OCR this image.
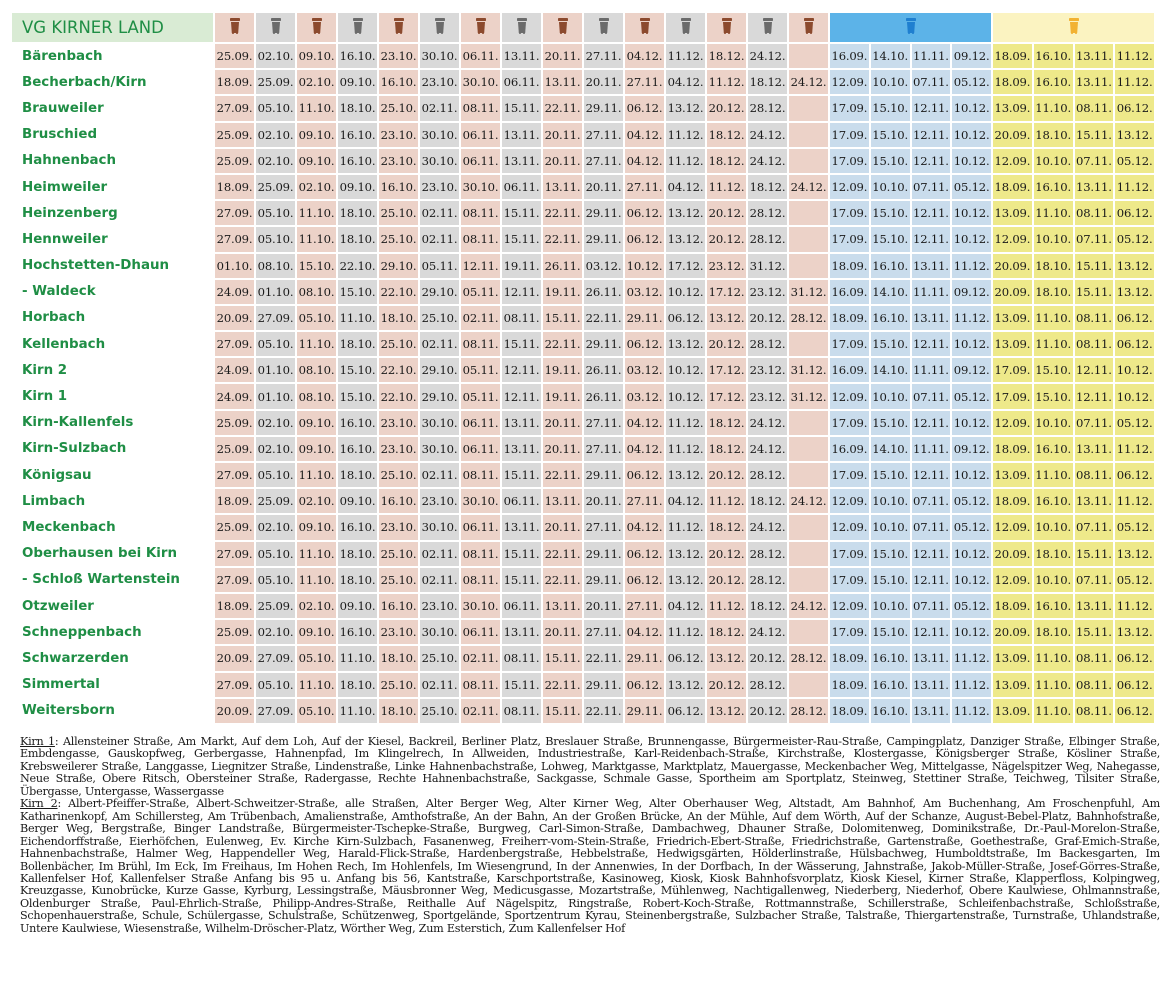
VG KIRNER LAND																	
Bärenbach	25.09.	02.10.	09.10.	16.10.	23.10.	30.10.	06.11.	13.11.	20.11.	27.11.	04.12.	11.12.	18.12.	24.12.		16.09.	14.10.	11.11.	09.12.	18.09.	16.10.	13.11.	11.12.
Becherbach/Kirn	18.09.	25.09.	02.10.	09.10.	16.10.	23.10.	30.10.	06.11.	13.11.	20.11.	27.11.	04.12.	11.12.	18.12.	24.12.	12.09.	10.10.	07.11.	05.12.	18.09.	16.10.	13.11.	11.12.
Brauweiler	27.09.	05.10.	11.10.	18.10.	25.10.	02.11.	08.11.	15.11.	22.11.	29.11.	06.12.	13.12.	20.12.	28.12.		17.09.	15.10.	12.11.	10.12.	13.09.	11.10.	08.11.	06.12.
Bruschied	25.09.	02.10.	09.10.	16.10.	23.10.	30.10.	06.11.	13.11.	20.11.	27.11.	04.12.	11.12.	18.12.	24.12.		17.09.	15.10.	12.11.	10.12.	20.09.	18.10.	15.11.	13.12.
Hahnenbach	25.09.	02.10.	09.10.	16.10.	23.10.	30.10.	06.11.	13.11.	20.11.	27.11.	04.12.	11.12.	18.12.	24.12.		17.09.	15.10.	12.11.	10.12.	12.09.	10.10.	07.11.	05.12.
Heimweiler	18.09.	25.09.	02.10.	09.10.	16.10.	23.10.	30.10.	06.11.	13.11.	20.11.	27.11.	04.12.	11.12.	18.12.	24.12.	12.09.	10.10.	07.11.	05.12.	18.09.	16.10.	13.11.	11.12.
Heinzenberg	27.09.	05.10.	11.10.	18.10.	25.10.	02.11.	08.11.	15.11.	22.11.	29.11.	06.12.	13.12.	20.12.	28.12.		17.09.	15.10.	12.11.	10.12.	13.09.	11.10.	08.11.	06.12.
Hennweiler	27.09.	05.10.	11.10.	18.10.	25.10.	02.11.	08.11.	15.11.	22.11.	29.11.	06.12.	13.12.	20.12.	28.12.		17.09.	15.10.	12.11.	10.12.	12.09.	10.10.	07.11.	05.12.
Hochstetten-Dhaun	01.10.	08.10.	15.10.	22.10.	29.10.	05.11.	12.11.	19.11.	26.11.	03.12.	10.12.	17.12.	23.12.	31.12.		18.09.	16.10.	13.11.	11.12.	20.09.	18.10.	15.11.	13.12.
- Waldeck	24.09.	01.10.	08.10.	15.10.	22.10.	29.10.	05.11.	12.11.	19.11.	26.11.	03.12.	10.12.	17.12.	23.12.	31.12.	16.09.	14.10.	11.11.	09.12.	20.09.	18.10.	15.11.	13.12.
Horbach	20.09.	27.09.	05.10.	11.10.	18.10.	25.10.	02.11.	08.11.	15.11.	22.11.	29.11.	06.12.	13.12.	20.12.	28.12.	18.09.	16.10.	13.11.	11.12.	13.09.	11.10.	08.11.	06.12.
Kellenbach	27.09.	05.10.	11.10.	18.10.	25.10.	02.11.	08.11.	15.11.	22.11.	29.11.	06.12.	13.12.	20.12.	28.12.		17.09.	15.10.	12.11.	10.12.	13.09.	11.10.	08.11.	06.12.
Kirn 2	24.09.	01.10.	08.10.	15.10.	22.10.	29.10.	05.11.	12.11.	19.11.	26.11.	03.12.	10.12.	17.12.	23.12.	31.12.	16.09.	14.10.	11.11.	09.12.	17.09.	15.10.	12.11.	10.12.
Kirn 1	24.09.	01.10.	08.10.	15.10.	22.10.	29.10.	05.11.	12.11.	19.11.	26.11.	03.12.	10.12.	17.12.	23.12.	31.12.	12.09.	10.10.	07.11.	05.12.	17.09.	15.10.	12.11.	10.12.
Kirn-Kallenfels	25.09.	02.10.	09.10.	16.10.	23.10.	30.10.	06.11.	13.11.	20.11.	27.11.	04.12.	11.12.	18.12.	24.12.		17.09.	15.10.	12.11.	10.12.	12.09.	10.10.	07.11.	05.12.
Kirn-Sulzbach	25.09.	02.10.	09.10.	16.10.	23.10.	30.10.	06.11.	13.11.	20.11.	27.11.	04.12.	11.12.	18.12.	24.12.		16.09.	14.10.	11.11.	09.12.	18.09.	16.10.	13.11.	11.12.
Königsau	27.09.	05.10.	11.10.	18.10.	25.10.	02.11.	08.11.	15.11.	22.11.	29.11.	06.12.	13.12.	20.12.	28.12.		17.09.	15.10.	12.11.	10.12.	13.09.	11.10.	08.11.	06.12.
Limbach	18.09.	25.09.	02.10.	09.10.	16.10.	23.10.	30.10.	06.11.	13.11.	20.11.	27.11.	04.12.	11.12.	18.12.	24.12.	12.09.	10.10.	07.11.	05.12.	18.09.	16.10.	13.11.	11.12.
Meckenbach	25.09.	02.10.	09.10.	16.10.	23.10.	30.10.	06.11.	13.11.	20.11.	27.11.	04.12.	11.12.	18.12.	24.12.		12.09.	10.10.	07.11.	05.12.	12.09.	10.10.	07.11.	05.12.
Oberhausen bei Kirn	27.09.	05.10.	11.10.	18.10.	25.10.	02.11.	08.11.	15.11.	22.11.	29.11.	06.12.	13.12.	20.12.	28.12.		17.09.	15.10.	12.11.	10.12.	20.09.	18.10.	15.11.	13.12.
- Schloß Wartenstein	27.09.	05.10.	11.10.	18.10.	25.10.	02.11.	08.11.	15.11.	22.11.	29.11.	06.12.	13.12.	20.12.	28.12.		17.09.	15.10.	12.11.	10.12.	12.09.	10.10.	07.11.	05.12.
Otzweiler	18.09.	25.09.	02.10.	09.10.	16.10.	23.10.	30.10.	06.11.	13.11.	20.11.	27.11.	04.12.	11.12.	18.12.	24.12.	12.09.	10.10.	07.11.	05.12.	18.09.	16.10.	13.11.	11.12.
Schneppenbach	25.09.	02.10.	09.10.	16.10.	23.10.	30.10.	06.11.	13.11.	20.11.	27.11.	04.12.	11.12.	18.12.	24.12.		17.09.	15.10.	12.11.	10.12.	20.09.	18.10.	15.11.	13.12.
Schwarzerden	20.09.	27.09.	05.10.	11.10.	18.10.	25.10.	02.11.	08.11.	15.11.	22.11.	29.11.	06.12.	13.12.	20.12.	28.12.	18.09.	16.10.	13.11.	11.12.	13.09.	11.10.	08.11.	06.12.
Simmertal	27.09.	05.10.	11.10.	18.10.	25.10.	02.11.	08.11.	15.11.	22.11.	29.11.	06.12.	13.12.	20.12.	28.12.		18.09.	16.10.	13.11.	11.12.	13.09.	11.10.	08.11.	06.12.
Weitersborn	20.09.	27.09.	05.10.	11.10.	18.10.	25.10.	02.11.	08.11.	15.11.	22.11.	29.11.	06.12.	13.12.	20.12.	28.12.	18.09.	16.10.	13.11.	11.12.	13.09.	11.10.	08.11.	06.12.

Kirn 1: Allensteiner Straße, Am Markt, Auf dem Loh, Auf der Kiesel, Backreil, Berliner Platz, Breslauer Straße, Brunnengasse, Bürgermeister-Rau-Straße, Campingplatz, Danziger Straße, Elbinger Straße, Embdengasse, Gauskopfweg, Gerbergasse, Hahnenpfad, Im Klingelrech, In Allweiden, Industriestraße, Karl-Reidenbach-Straße, Kirchstraße, Klostergasse, Königsberger Straße, Kösliner Straße, Krebsweilerer Straße, Langgasse, Liegnitzer Straße, Lindenstraße, Linke Hahnenbachstraße, Lohweg, Marktgasse, Marktplatz, Mauergasse, Meckenbacher Weg, Mittelgasse, Nägelspitzer Weg, Nahegasse, Neue Straße, Obere Ritsch, Obersteiner Straße, Radergasse, Rechte Hahnenbachstraße, Sackgasse, Schmale Gasse, Sportheim am Sportplatz, Steinweg, Stettiner Straße, Teichweg, Tilsiter Straße, Übergasse, Untergasse, Wassergasse

Kirn 2: Albert-Pfeiffer-Straße, Albert-Schweitzer-Straße, alle Straßen, Alter Berger Weg, Alter Kirner Weg, Alter Oberhauser Weg, Altstadt, Am Bahnhof, Am Buchenhang, Am Froschenpfuhl, Am Katharinenkopf, Am Schillersteg, Am Trübenbach, Amalienstraße, Amthofstraße, An der Bahn, An der Großen Brücke, An der Mühle, Auf dem Wörth, Auf der Schanze, August-Bebel-Platz, Bahnhofstraße, Berger Weg, Bergstraße, Binger Landstraße, Bürgermeister-Tschepke-Straße, Burgweg, Carl-Simon-Straße, Dambachweg, Dhauner Straße, Dolomitenweg, Dominikstraße, Dr.-Paul-Morelon-Straße, Eichendorffstraße, Eierhöfchen, Eulenweg, Ev. Kirche Kirn-Sulzbach, Fasanenweg, Freiherr-vom-Stein-Straße, Friedrich-Ebert-Straße, Friedrichstraße, Gartenstraße, Goethestraße, Graf-Emich-Straße, Hahnenbachstraße, Halmer Weg, Happendeller Weg, Harald-Flick-Straße, Hardenbergstraße, Hebbelstraße, Hedwigsgärten, Hölderlinstraße, Hülsbachweg, Humboldtstraße, Im Backesgarten, Im Bollenbächer, Im Brühl, Im Eck, Im Freihaus, Im Hohen Rech, Im Hohlenfels, Im Wiesengrund, In der Annenwies, In der Dorfbach, In der Wässerung, Jahnstraße, Jakob-Müller-Straße, Josef-Görres-Straße, Kallenfelser Hof, Kallenfelser Straße Anfang bis 95 u. Anfang bis 56, Kantstraße, Karschportstraße, Kasinoweg, Kiosk, Kiosk Bahnhofsvorplatz, Kiosk Kiesel, Kirner Straße, Klapperfloss, Kolpingweg, Kreuzgasse, Kunobrücke, Kurze Gasse, Kyrburg, Lessingstraße, Mäusbronner Weg, Medicusgasse, Mozartstraße, Mühlenweg, Nachtigallenweg, Niederberg, Niederhof, Obere Kaulwiese, Ohlmannstraße, Oldenburger Straße, Paul-Ehrlich-Straße, Philipp-Andres-Straße, Reithalle Auf Nägelspitz, Ringstraße, Robert-Koch-Straße, Rottmannstraße, Schillerstraße, Schleifenbachstraße, Schloßstraße, Schopenhauerstraße, Schule, Schülergasse, Schulstraße, Schützenweg, Sportgelände, Sportzentrum Kyrau, Steinenbergstraße, Sulzbacher Straße, Talstraße, Thiergartenstraße, Turnstraße, Uhlandstraße, Untere Kaulwiese, Wiesenstraße, Wilhelm-Dröscher-Platz, Wörther Weg, Zum Esterstich, Zum Kallenfelser Hof
